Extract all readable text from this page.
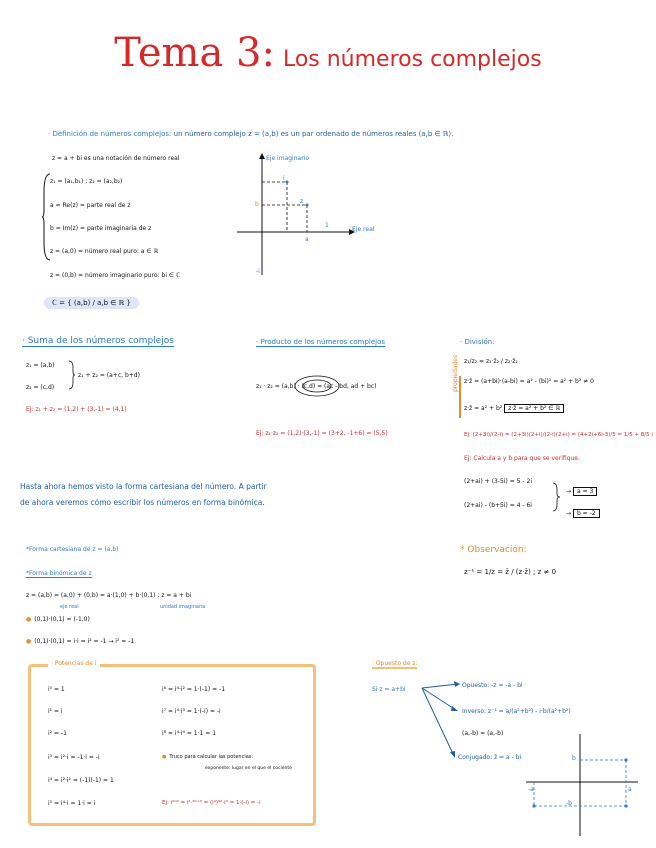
Tema 3: Los números complejos
· Definición de números complejos: un número complejo z = (a,b) es un par ordenado de números reales (a,b ∈ ℝ).
z = a + bi es una notación de número real
z₁ = (a₁,b₁) ; z₂ = (a₂,b₂)
a = Re(z) = parte real de z
b = Im(z) = parte imaginaria de z
z = (a,0) = número real puro: a ∈ ℝ
z = (0,b) = número imaginario puro: bi ∈ ℂ
ℂ = { (a,b) / a,b ∈ ℝ }
Eje imaginario
Eje real
b
i
z
a
1
-i
· Suma de los números complejos
z₁ = (a,b)
z₂ = (c,d)
z₁ + z₂ = (a+c, b+d)
Ej: z₁ + z₂ = (1,2) + (3,-1) = (4,1)
· Producto de los números complejos
z₁ · z₂ = (a,b) · (c,d) = (ac - bd, ad + bc)
Ej: z₁·z₂ = (1,2)·(3,-1) = (3+2, -1+6) = (5,5)
· División:
z₁/z₂ = z₁·z̄₂ / z₂·z̄₂
propiedades z·z̄ = (a+bi)·(a-bi) = a² - (bi)² = a² + b² ≠ 0
z·z̄ = a² + b² z·z̄ = a² + b² ∈ ℝ
Ej: (2+3i)/(2-i) = (2+3i)(2+i)/(2-i)(2+i) = (4+2i+6i-3)/5 = 1/5 + 8/5 i
Ej: Calcula a y b para que se verifique.
(2+ai) + (3-5i) = 5 - 2i
(2+ai) - (b+5i) = 4 - 6i
→ a = 3
→ b = -2
Hasta ahora hemos visto la forma cartesiana del número. A partir
de ahora veremos cómo escribir los números en forma binómica.
*Forma cartesiana de z = (a,b)
*Forma binómica de z
z = (a,b) = (a,0) + (0,b) = a·(1,0) + b·(0,1) ; z = a + bi
eje real	unidad imaginaria
● (0,1)·(0,1) = (-1,0)
● (0,1)·(0,1) = i·i = i² = -1 → i² = -1
* Observación:
z⁻¹ = 1/z = z̄ / (z·z̄) ; z ≠ 0
· Potencias de i
i⁰ = 1
i¹ = i
i² = -1
i³ = i²·i = -1·i = -i
i⁴ = i²·i² = (-1)(-1) = 1
i⁵ = i⁴·i = 1·i = i
i⁶ = i⁴·i² = 1·(-1) = -1
i⁷ = i⁴·i³ = 1·(-i) = -i
i⁸ = i⁴·i⁴ = 1·1 = 1
● Truco para calcular las potencias:
exponente: lugar en el que el cociente
Ej: i²⁰³ = i⁴·⁵⁰⁺³ = (i⁴)⁵⁰·i³ = 1·(-i) = -i
· Opuesto de z:
Si z = a+bi
Opuesto: -z = -a - bi
Inverso: z⁻¹ = a/(a²+b²) - i·b/(a²+b²)
(a,-b) = (a,-b)
Conjugado: z̄ = a - bi	b
-b
a
-a
